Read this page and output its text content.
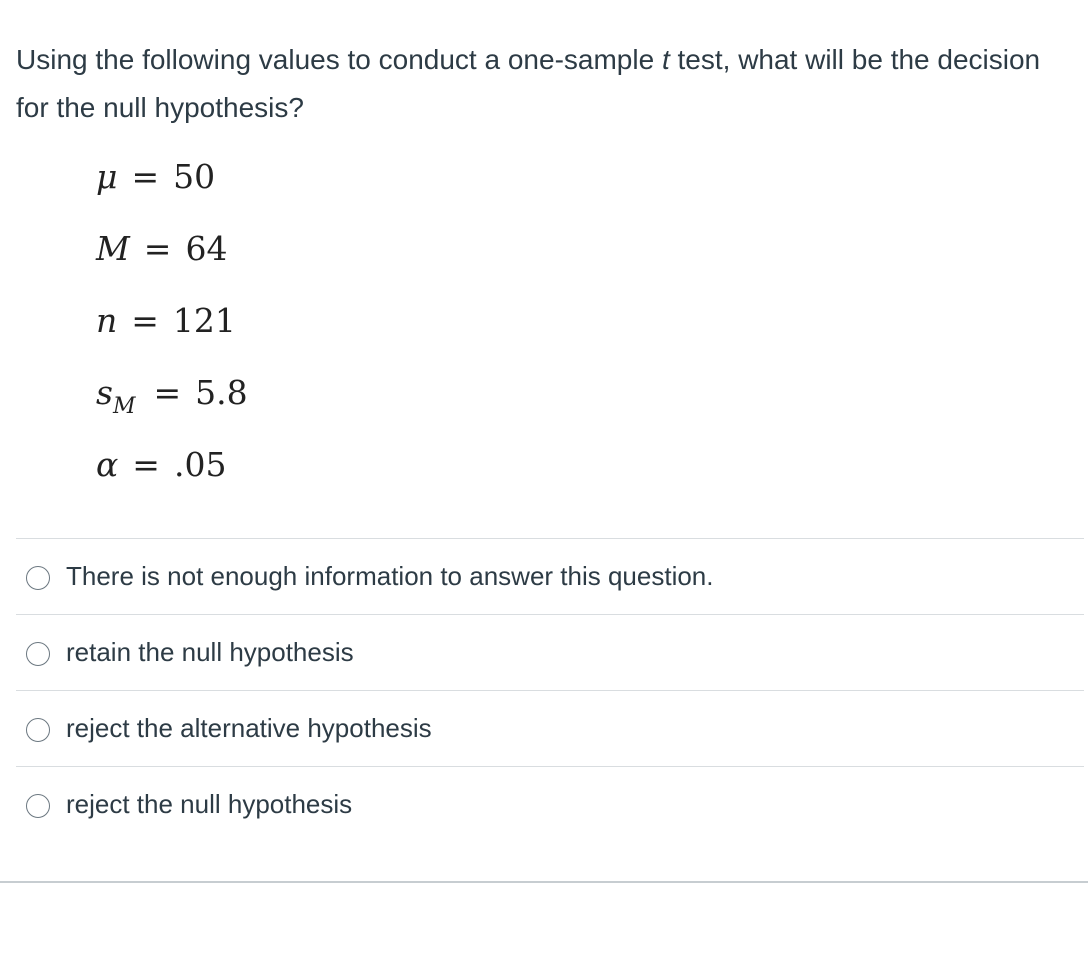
Using the following values to conduct a one-sample t test, what will be the decision for the null hypothesis?
μ = 50
M = 64
n = 121
$s_M = 5.8$
α = .05
There is not enough information to answer this question.
retain the null hypothesis
reject the alternative hypothesis
reject the null hypothesis
